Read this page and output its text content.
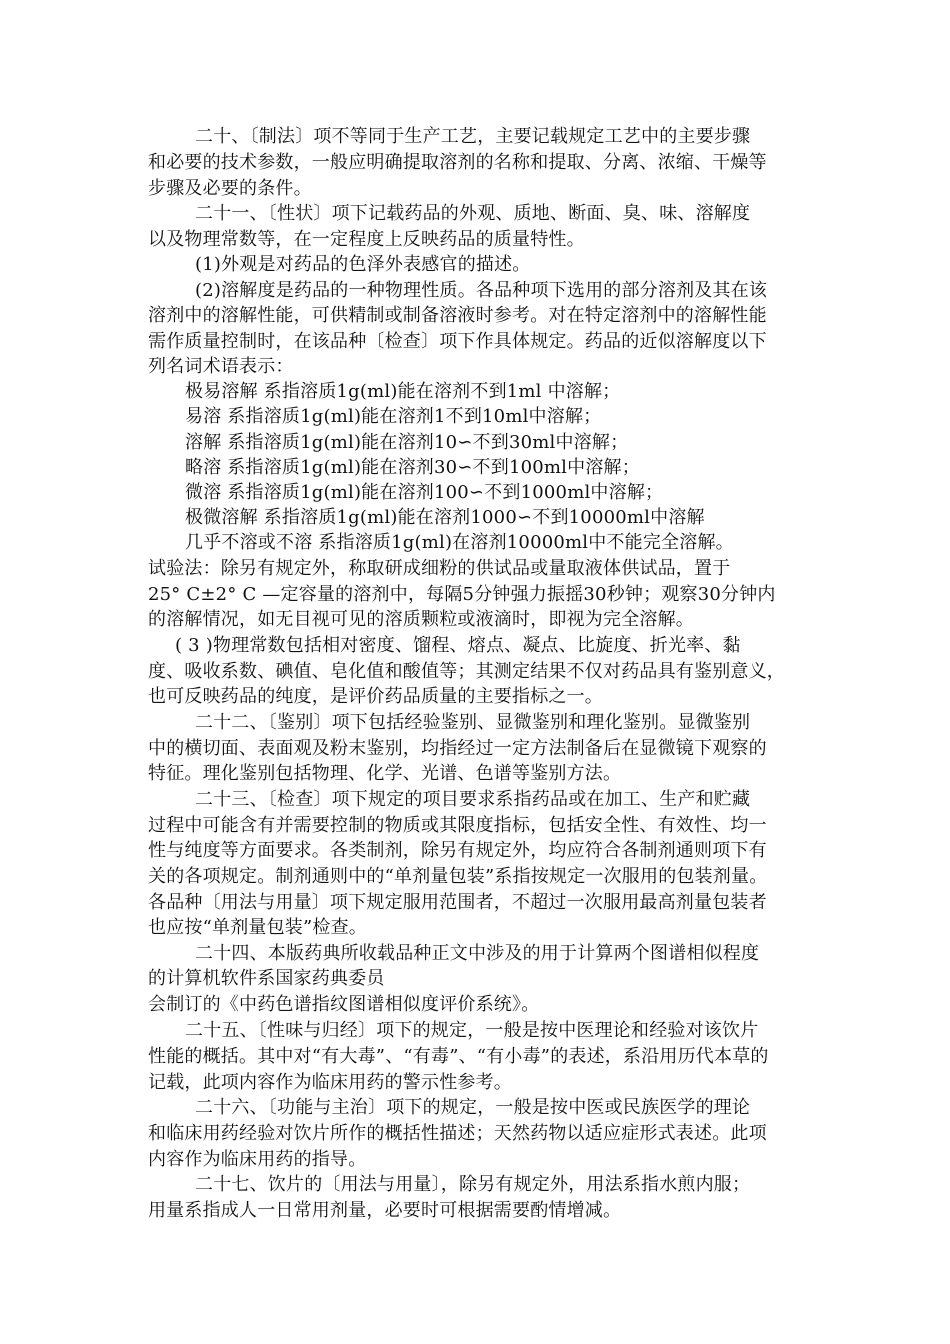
二十、〔制法〕项不等同于生产工艺，主要记载规定工艺中的主要步骤
和必要的技术参数，一般应明确提取溶剂的名称和提取、分离、浓缩、干燥等
步骤及必要的条件。
二十一、〔性状〕项下记载药品的外观、质地、断面、臭、味、溶解度
以及物理常数等，在一定程度上反映药品的质量特性。
(1)外观是对药品的色泽外表感官的描述。
(2)溶解度是药品的一种物理性质。各品种项下选用的部分溶剂及其在该
溶剂中的溶解性能，可供精制或制备溶液时参考。对在特定溶剂中的溶解性能
需作质量控制时，在该品种〔检查〕项下作具体规定。药品的近似溶解度以下
列名词术语表示：
极易溶解 系指溶质1g(ml)能在溶剂不到1ml 中溶解；
易溶 系指溶质1g(ml)能在溶剂1不到10ml中溶解；
溶解 系指溶质1g(ml)能在溶剂10∽不到30ml中溶解；
略溶 系指溶质1g(ml)能在溶剂30∽不到100ml中溶解；
微溶 系指溶质1g(ml)能在溶剂100∽不到1000ml中溶解；
极微溶解 系指溶质1g(ml)能在溶剂1000∽不到10000ml中溶解
几乎不溶或不溶 系指溶质1g(ml)在溶剂10000ml中不能完全溶解。
试验法：除另有规定外，称取研成细粉的供试品或量取液体供试品，置于
25° C±2° C —定容量的溶剂中，每隔5分钟强力振摇30秒钟；观察30分钟内
的溶解情况，如无目视可见的溶质颗粒或液滴时，即视为完全溶解。
( 3 )物理常数包括相对密度、馏程、熔点、凝点、比旋度、折光率、黏
度、吸收系数、碘值、皂化值和酸值等；其测定结果不仅对药品具有鉴别意义，
也可反映药品的纯度，是评价药品质量的主要指标之一。
二十二、〔鉴别〕项下包括经验鉴别、显微鉴别和理化鉴别。显微鉴别
中的横切面、表面观及粉末鉴别，均指经过一定方法制备后在显微镜下观察的
特征。理化鉴别包括物理、化学、光谱、色谱等鉴别方法。
二十三、〔检查〕项下规定的项目要求系指药品或在加工、生产和贮藏
过程中可能含有并需要控制的物质或其限度指标，包括安全性、有效性、均一
性与纯度等方面要求。各类制剂，除另有规定外，均应符合各制剂通则项下有
关的各项规定。制剂通则中的“单剂量包装”系指按规定一次服用的包装剂量。
各品种〔用法与用量〕项下规定服用范围者，不超过一次服用最高剂量包装者
也应按“单剂量包装”检查。
二十四、本版药典所收载品种正文中涉及的用于计算两个图谱相似程度
的计算机软件系国家药典委员
会制订的《中药色谱指纹图谱相似度评价系统》。
二十五、〔性味与归经〕项下的规定，一般是按中医理论和经验对该饮片
性能的概括。其中对“有大毒”、“有毒”、“有小毒”的表述，系沿用历代本草的
记载，此项内容作为临床用药的警示性参考。
二十六、〔功能与主治〕项下的规定，一般是按中医或民族医学的理论
和临床用药经验对饮片所作的概括性描述；天然药物以适应症形式表述。此项
内容作为临床用药的指导。
二十七、饮片的〔用法与用量〕，除另有规定外，用法系指水煎内服；
用量系指成人一日常用剂量，必要时可根据需要酌情增减。
